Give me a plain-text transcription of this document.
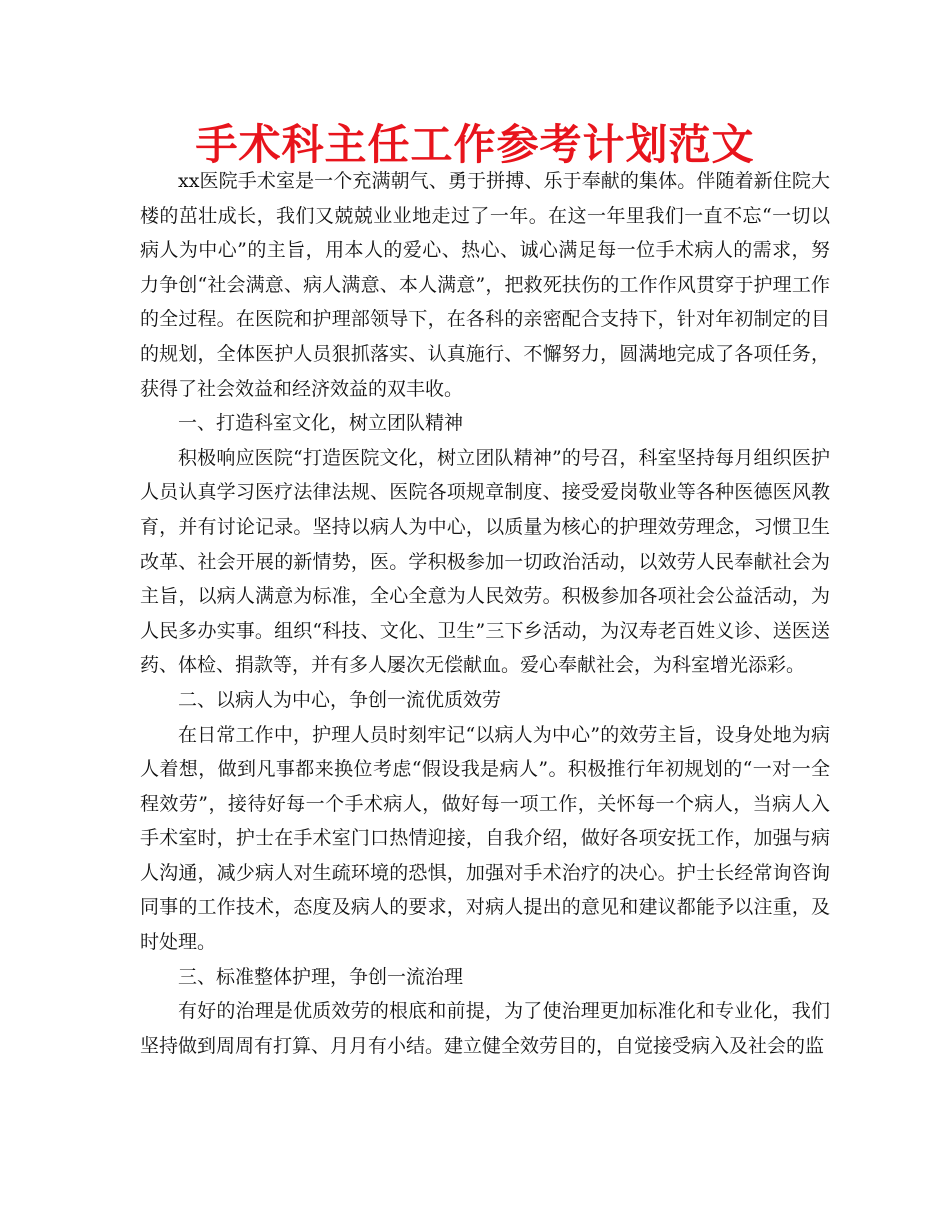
手术科主任工作参考计划范文

xx医院手术室是一个充满朝气、勇于拼搏、乐于奉献的集体。伴随着新住院大楼的茁壮成长，我们又兢兢业业地走过了一年。在这一年里我们一直不忘“一切以病人为中心”的主旨，用本人的爱心、热心、诚心满足每一位手术病人的需求，努力争创“社会满意、病人满意、本人满意”，把救死扶伤的工作作风贯穿于护理工作的全过程。在医院和护理部领导下，在各科的亲密配合支持下，针对年初制定的目的规划，全体医护人员狠抓落实、认真施行、不懈努力，圆满地完成了各项任务，获得了社会效益和经济效益的双丰收。

一、打造科室文化，树立团队精神

积极响应医院“打造医院文化，树立团队精神”的号召，科室坚持每月组织医护人员认真学习医疗法律法规、医院各项规章制度、接受爱岗敬业等各种医德医风教育，并有讨论记录。坚持以病人为中心，以质量为核心的护理效劳理念，习惯卫生改革、社会开展的新情势，医。学积极参加一切政治活动，以效劳人民奉献社会为主旨，以病人满意为标准，全心全意为人民效劳。积极参加各项社会公益活动，为人民多办实事。组织“科技、文化、卫生”三下乡活动，为汉寿老百姓义诊、送医送药、体检、捐款等，并有多人屡次无偿献血。爱心奉献社会，为科室增光添彩。

二、以病人为中心，争创一流优质效劳

在日常工作中，护理人员时刻牢记“以病人为中心”的效劳主旨，设身处地为病人着想，做到凡事都来换位考虑“假设我是病人”。积极推行年初规划的“一对一全程效劳”，接待好每一个手术病人，做好每一项工作，关怀每一个病人，当病人入手术室时，护士在手术室门口热情迎接，自我介绍，做好各项安抚工作，加强与病人沟通，减少病人对生疏环境的恐惧，加强对手术治疗的决心。护士长经常询咨询同事的工作技术，态度及病人的要求，对病人提出的意见和建议都能予以注重，及时处理。

三、标准整体护理，争创一流治理

有好的治理是优质效劳的根底和前提，为了使治理更加标准化和专业化，我们坚持做到周周有打算、月月有小结。建立健全效劳目的，自觉接受病入及社会的监
